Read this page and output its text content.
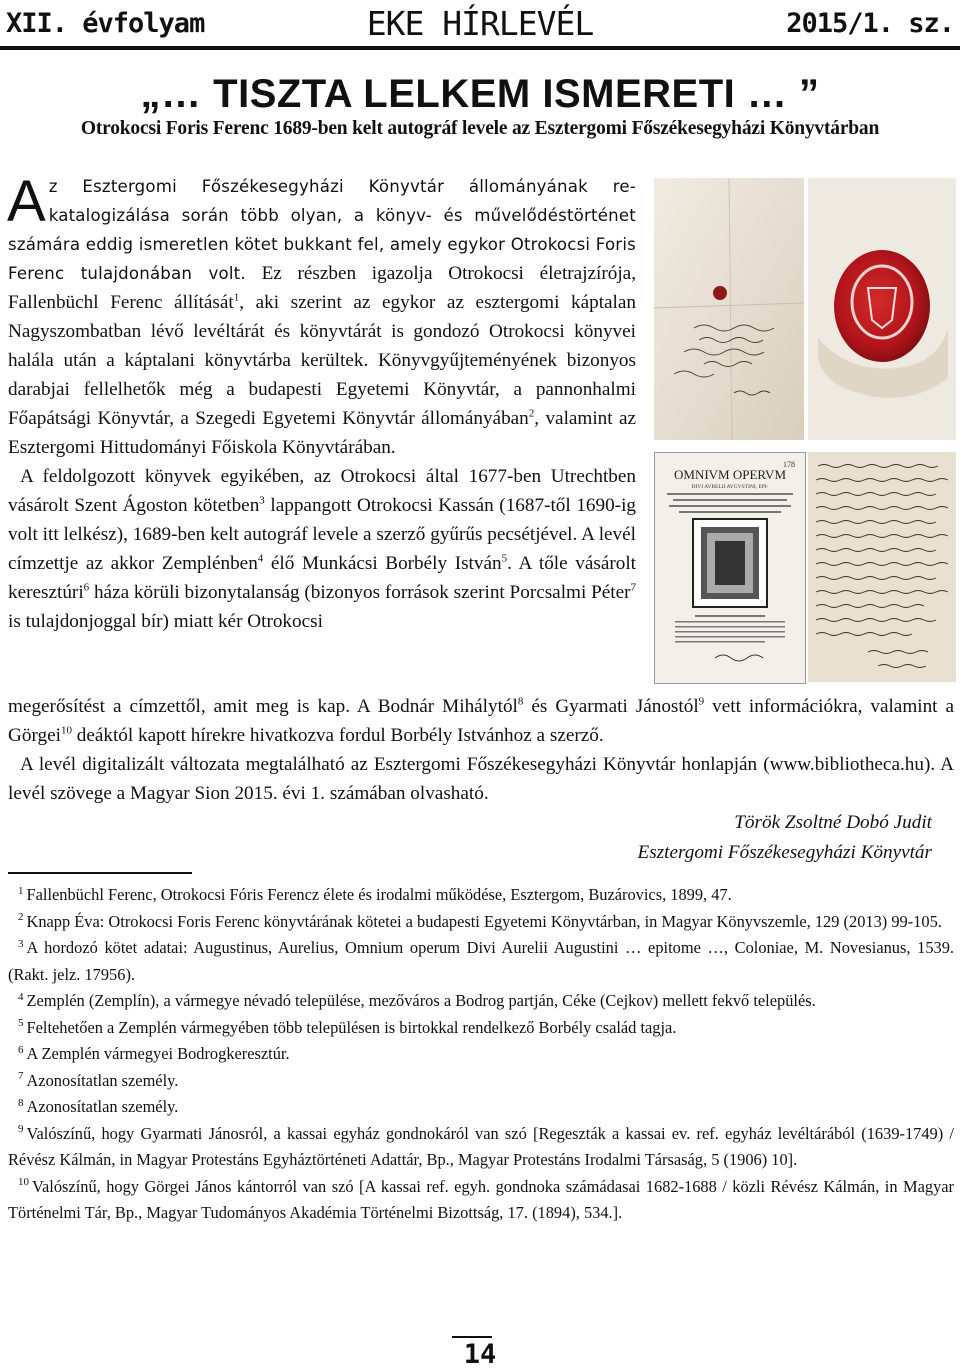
XII. évfolyam	EKE HÍRLEVÉL	2015/1. sz.
„… TISZTA LELKEM ISMERETI … ”
Otrokocsi Foris Ferenc 1689-ben kelt autográf levele az Esztergomi Főszékesegyházi Könyvtárban

Az Esztergomi Főszékesegyházi Könyvtár állományának re-katalogizálása során több olyan, a könyv- és művelődéstörténet számára eddig ismeretlen kötet bukkant fel, amely egykor Otrokocsi Foris Ferenc tulajdonában volt. Ez részben igazolja Otrokocsi életrajzírója, Fallenbüchl Ferenc állítását$^1$, aki szerint az egykor az esztergomi káptalan Nagyszombatban lévő levéltárát és könyvtárát is gondozó Otrokocsi könyvei halála után a káptalani könyvtárba kerültek. Könyvgyűjteményének bizonyos darabjai fellelhetők még a budapesti Egyetemi Könyvtár, a pannonhalmi Főapátsági Könyvtár, a Szegedi Egyetemi Könyvtár állományában$^2$, valamint az Esztergomi Hittudományi Főiskola Könyvtárában.

A feldolgozott könyvek egyikében, az Otrokocsi által 1677-ben Utrechtben vásárolt Szent Ágoston kötetben$^3$ lappangott Otrokocsi Kassán (1687-től 1690-ig volt itt lelkész), 1689-ben kelt autográf levele a szerző gyűrűs pecsétjével. A levél címzettje az akkor Zemplénben$^4$ élő Munkácsi Borbély István$^5$. A tőle vásárolt keresztúri$^6$ háza körüli bizonytalanság (bizonyos források szerint Porcsalmi Péter$^7$ is tulajdonjoggal bír) miatt kér Otrokocsi

178
OMNIVM OPERVM
DIVI AVRELII AVGVSTINI, EPI-

megerősítést a címzettől, amit meg is kap. A Bodnár Mihálytól$^8$ és Gyarmati Jánostól$^9$ vett információkra, valamint a Görgei$^{10}$ deáktól kapott hírekre hivatkozva fordul Borbély Istvánhoz a szerző.

A levél digitalizált változata megtalálható az Esztergomi Főszékesegyházi Könyvtár honlapján (www.bibliotheca.hu). A levél szövege a Magyar Sion 2015. évi 1. számában olvasható.

Török Zsoltné Dobó Judit
Esztergomi Főszékesegyházi Könyvtár

$^1$ Fallenbüchl Ferenc, Otrokocsi Fóris Ferencz élete és irodalmi működése, Esztergom, Buzárovics, 1899, 47.

$^2$ Knapp Éva: Otrokocsi Foris Ferenc könyvtárának kötetei a budapesti Egyetemi Könyvtárban, in Magyar Könyvszemle, 129 (2013) 99-105.

$^3$ A hordozó kötet adatai: Augustinus, Aurelius, Omnium operum Divi Aurelii Augustini … epitome …, Coloniae, M. Novesianus, 1539. (Rakt. jelz. 17956).

$^4$ Zemplén (Zemplín), a vármegye névadó települése, mezőváros a Bodrog partján, Céke (Cejkov) mellett fekvő település.

$^5$ Feltehetően a Zemplén vármegyében több településen is birtokkal rendelkező Borbély család tagja.

$^6$ A Zemplén vármegyei Bodrogkeresztúr.

$^7$ Azonosítatlan személy.

$^8$ Azonosítatlan személy.

$^9$ Valószínű, hogy Gyarmati Jánosról, a kassai egyház gondnokáról van szó [Regeszták a kassai ev. ref. egyház levéltárából (1639-1749) / Révész Kálmán, in Magyar Protestáns Egyháztörténeti Adattár, Bp., Magyar Protestáns Irodalmi Társaság, 5 (1906) 10].

$^{10}$ Valószínű, hogy Görgei János kántorról van szó [A kassai ref. egyh. gondnoka számádasai 1682-1688 / közli Révész Kálmán, in Magyar Történelmi Tár, Bp., Magyar Tudományos Akadémia Történelmi Bizottság, 17. (1894), 534.].

14
